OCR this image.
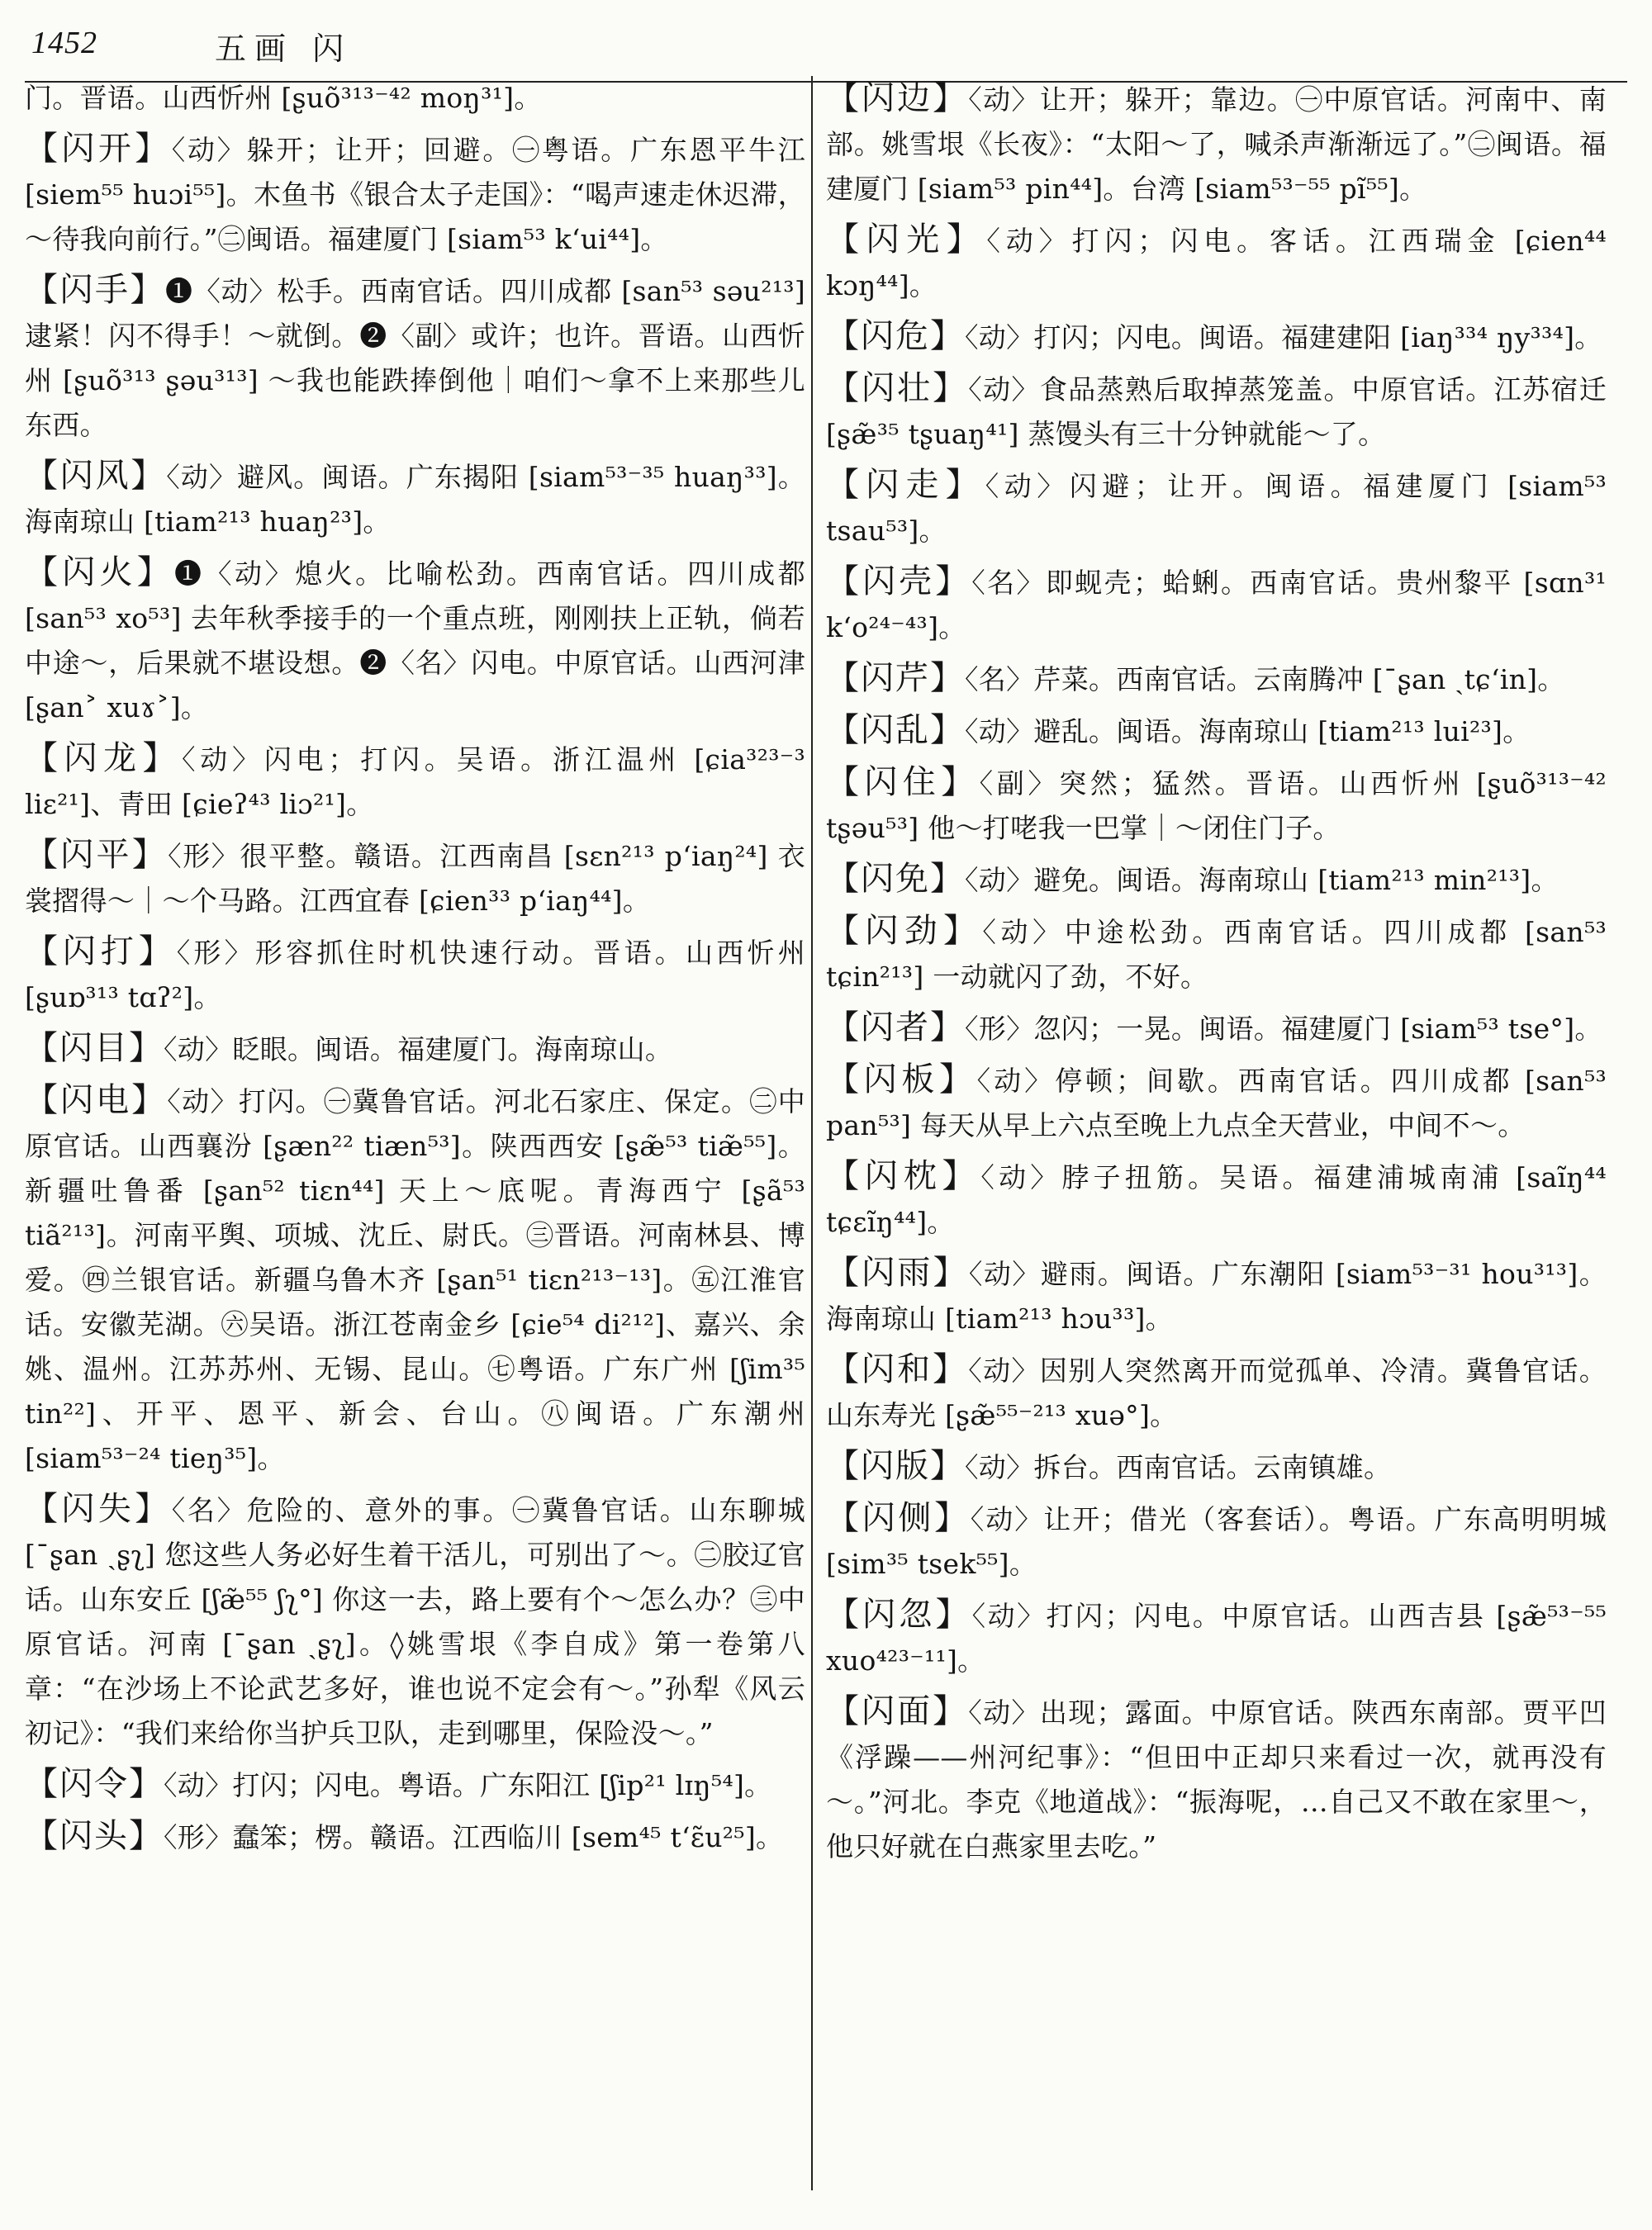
1452	五画 闪

门。晋语。山西忻州 [ʂuõ³¹³⁻⁴² moŋ³¹]。

【闪开】〈动〉躲开；让开；回避。㊀粤语。广东恩平牛江 [siem⁵⁵ huɔi⁵⁵]。木鱼书《银合太子走国》：“喝声速走休迟滞，～待我向前行。”㊁闽语。福建厦门 [siam⁵³ k‘ui⁴⁴]。

【闪手】❶〈动〉松手。西南官话。四川成都 [san⁵³ səu²¹³] 逮紧！闪不得手！～就倒。❷〈副〉或许；也许。晋语。山西忻州 [ʂuõ³¹³ ʂəu³¹³] ～我也能跌捧倒他｜咱们～拿不上来那些儿东西。

【闪风】〈动〉避风。闽语。广东揭阳 [siam⁵³⁻³⁵ huaŋ³³]。海南琼山 [tiam²¹³ huaŋ²³]。

【闪火】❶〈动〉熄火。比喻松劲。西南官话。四川成都 [san⁵³ xo⁵³] 去年秋季接手的一个重点班，刚刚扶上正轨，倘若中途～，后果就不堪设想。❷〈名〉闪电。中原官话。山西河津 [ʂan˃ xuɤ˃]。

【闪龙】〈动〉闪电；打闪。吴语。浙江温州 [ɕia³²³⁻³ liɛ²¹]、青田 [ɕieʔ⁴³ liɔ²¹]。

【闪平】〈形〉很平整。赣语。江西南昌 [sɛn²¹³ p‘iaŋ²⁴] 衣裳摺得～｜～个马路。江西宜春 [ɕien³³ p‘iaŋ⁴⁴]。

【闪打】〈形〉形容抓住时机快速行动。晋语。山西忻州 [ʂuɒ³¹³ tɑʔ²]。

【闪目】〈动〉眨眼。闽语。福建厦门。海南琼山。

【闪电】〈动〉打闪。㊀冀鲁官话。河北石家庄、保定。㊁中原官话。山西襄汾 [ʂæn²² tiæn⁵³]。陕西西安 [ʂæ̃⁵³ tiæ̃⁵⁵]。新疆吐鲁番 [ʂan⁵² tiɛn⁴⁴] 天上～底呢。青海西宁 [ʂã⁵³ tiã²¹³]。河南平舆、项城、沈丘、尉氏。㊂晋语。河南林县、博爱。㊃兰银官话。新疆乌鲁木齐 [ʂan⁵¹ tiɛn²¹³⁻¹³]。㊄江淮官话。安徽芜湖。㊅吴语。浙江苍南金乡 [ɕie⁵⁴ di²¹²]、嘉兴、余姚、温州。江苏苏州、无锡、昆山。㊆粤语。广东广州 [ʃim³⁵ tin²²]、开平、恩平、新会、台山。㊇闽语。广东潮州 [siam⁵³⁻²⁴ tieŋ³⁵]。

【闪失】〈名〉危险的、意外的事。㊀冀鲁官话。山东聊城 [ˉʂan ˏʂʅ] 您这些人务必好生着干活儿，可别出了～。㊁胶辽官话。山东安丘 [ʃæ̃⁵⁵ ʃʅ°] 你这一去，路上要有个～怎么办？㊂中原官话。河南 [ˉʂan ˏʂʅ]。◊姚雪垠《李自成》第一卷第八章：“在沙场上不论武艺多好，谁也说不定会有～。”孙犁《风云初记》：“我们来给你当护兵卫队，走到哪里，保险没～。”

【闪令】〈动〉打闪；闪电。粤语。广东阳江 [ʃip²¹ lɪŋ⁵⁴]。

【闪头】〈形〉蠢笨；楞。赣语。江西临川 [sem⁴⁵ t‘ɛ̃u²⁵]。

【闪边】〈动〉让开；躲开；靠边。㊀中原官话。河南中、南部。姚雪垠《长夜》：“太阳～了，喊杀声渐渐远了。”㊁闽语。福建厦门 [siam⁵³ pin⁴⁴]。台湾 [siam⁵³⁻⁵⁵ pĩ⁵⁵]。

【闪光】〈动〉打闪；闪电。客话。江西瑞金 [ɕien⁴⁴ kɔŋ⁴⁴]。

【闪危】〈动〉打闪；闪电。闽语。福建建阳 [iaŋ³³⁴ ŋy³³⁴]。

【闪壮】〈动〉食品蒸熟后取掉蒸笼盖。中原官话。江苏宿迁 [ʂæ̃³⁵ tʂuaŋ⁴¹] 蒸馒头有三十分钟就能～了。

【闪走】〈动〉闪避；让开。闽语。福建厦门 [siam⁵³ tsau⁵³]。

【闪壳】〈名〉即蚬壳；蛤蜊。西南官话。贵州黎平 [sɑn³¹ k‘o²⁴⁻⁴³]。

【闪芹】〈名〉芹菜。西南官话。云南腾冲 [ˉʂan ˏtɕ‘in]。

【闪乱】〈动〉避乱。闽语。海南琼山 [tiam²¹³ lui²³]。

【闪住】〈副〉突然；猛然。晋语。山西忻州 [ʂuõ³¹³⁻⁴² tʂəu⁵³] 他～打咾我一巴掌｜～闭住门子。

【闪免】〈动〉避免。闽语。海南琼山 [tiam²¹³ min²¹³]。

【闪劲】〈动〉中途松劲。西南官话。四川成都 [san⁵³ tɕin²¹³] 一动就闪了劲，不好。

【闪者】〈形〉忽闪；一晃。闽语。福建厦门 [siam⁵³ tse°]。

【闪板】〈动〉停顿；间歇。西南官话。四川成都 [san⁵³ pan⁵³] 每天从早上六点至晚上九点全天营业，中间不～。

【闪枕】〈动〉脖子扭筋。吴语。福建浦城南浦 [saĩŋ⁴⁴ tɕɛĩŋ⁴⁴]。

【闪雨】〈动〉避雨。闽语。广东潮阳 [siam⁵³⁻³¹ hou³¹³]。海南琼山 [tiam²¹³ hɔu³³]。

【闪和】〈动〉因别人突然离开而觉孤单、冷清。冀鲁官话。山东寿光 [ʂæ̃⁵⁵⁻²¹³ xuə°]。

【闪版】〈动〉拆台。西南官话。云南镇雄。

【闪侧】〈动〉让开；借光（客套话）。粤语。广东高明明城 [sim³⁵ tsek⁵⁵]。

【闪忽】〈动〉打闪；闪电。中原官话。山西吉县 [ʂæ̃⁵³⁻⁵⁵ xuo⁴²³⁻¹¹]。

【闪面】〈动〉出现；露面。中原官话。陕西东南部。贾平凹《浮躁——州河纪事》：“但田中正却只来看过一次，就再没有～。”河北。李克《地道战》：“振海呢，…自己又不敢在家里～，他只好就在白燕家里去吃。”
